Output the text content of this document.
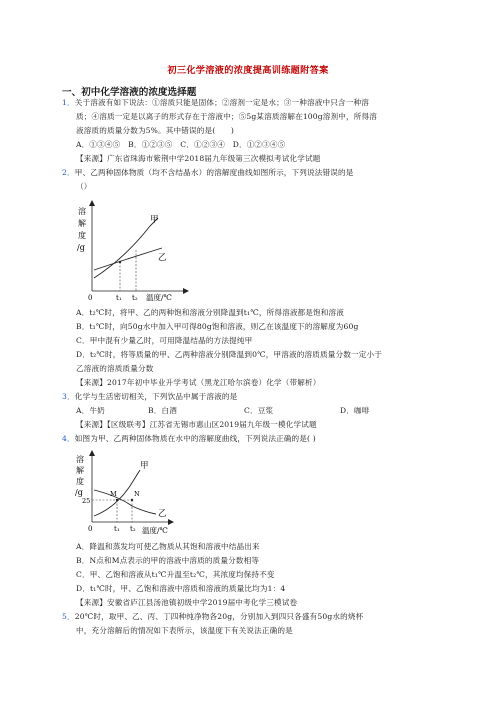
初三化学溶液的浓度提高训练题附答案
一、初中化学溶液的浓度选择题
1．关于溶液有如下说法：①溶质只能是固体；②溶剂一定是水；③一种溶液中只含一种溶
质；④溶质一定是以离子的形式存在于溶液中；⑤5g某溶质溶解在100g溶剂中，所得溶
液溶质的质量分数为5%。其中错误的是(　　)
A．①③④⑤　B．①②③⑤　C．①②③④　D．①②③④⑤
【来源】广东省珠海市紫荆中学2018届九年级第三次模拟考试化学试题
2．甲、乙两种固体物质（均不含结晶水）的溶解度曲线如图所示，下列说法错误的是
（）
溶
解
度
/g
0	t₁ t₂ 温度/℃
甲
乙
A．t₂℃时，将甲、乙的两种饱和溶液分别降温到t₁℃，所得溶液都是饱和溶液
B．t₁℃时，向50g水中加入甲可得80g饱和溶液，则乙在该温度下的溶解度为60g
C．甲中混有少量乙时，可用降温结晶的方法提纯甲
D．t₂℃时，将等质量的甲、乙两种溶液分别降温到0℃，甲溶液的溶质质量分数一定小于
乙溶液的溶质质量分数
【来源】2017年初中毕业升学考试（黑龙江哈尔滨卷）化学（带解析）
3．化学与生活密切相关，下列饮品中属于溶液的是
A．牛奶	B．白酒	C．豆浆	D．咖啡
【来源】【区级联考】江苏省无锡市惠山区2019届九年级一模化学试题
4．如图为甲、乙两种固体物质在水中的溶解度曲线，下列说法正确的是( )
溶
解
度
/g
25
0	t₁ t₂ 温度/℃
M	N
甲
乙
A．降温和蒸发均可使乙物质从其饱和溶液中结晶出来
B．N点和M点表示的甲的溶液中溶质的质量分数相等
C．甲、乙饱和溶液从t₁℃升温至t₂℃，其浓度均保持不变
D．t₁℃时，甲、乙饱和溶液中溶质和溶液的质量比均为1：4
【来源】安徽省庐江县汤池镇初级中学2019届中考化学三模试卷
5．20℃时，取甲、乙、丙、丁四种纯净物各20g，分别加入到四只各盛有50g水的烧杯
中，充分溶解后的情况如下表所示，该温度下有关说法正确的是
